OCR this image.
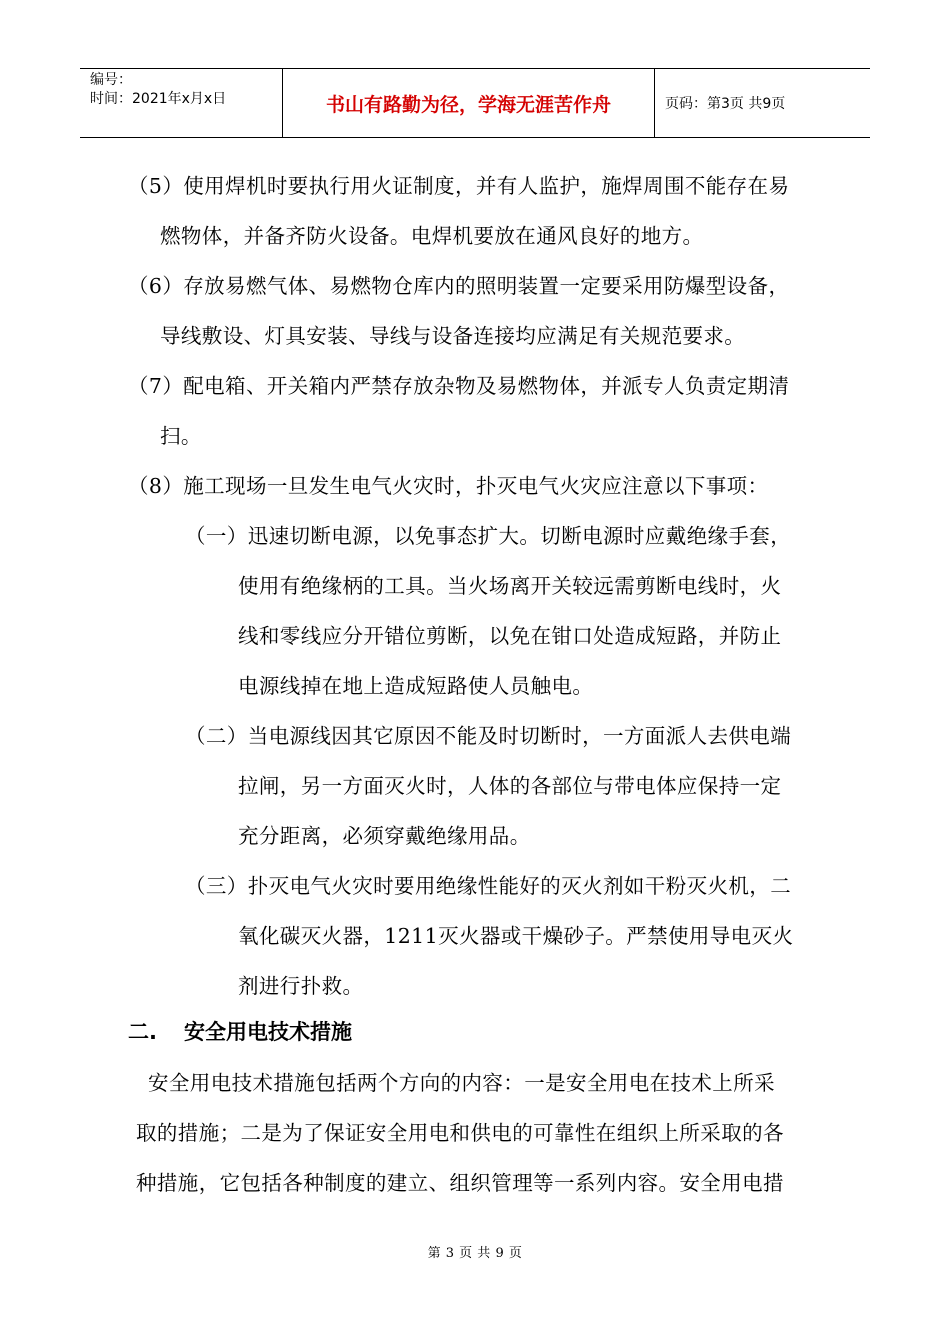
编号：
时间：2021年x月x日	书山有路勤为径，学海无涯苦作舟	页码：第3页 共9页
（5）使用焊机时要执行用火证制度，并有人监护，施焊周围不能存在易
燃物体，并备齐防火设备。电焊机要放在通风良好的地方。
（6）存放易燃气体、易燃物仓库内的照明装置一定要采用防爆型设备，
导线敷设、灯具安装、导线与设备连接均应满足有关规范要求。
（7）配电箱、开关箱内严禁存放杂物及易燃物体，并派专人负责定期清
扫。
（8）施工现场一旦发生电气火灾时，扑灭电气火灾应注意以下事项：
（一）迅速切断电源，以免事态扩大。切断电源时应戴绝缘手套，
使用有绝缘柄的工具。当火场离开关较远需剪断电线时，火
线和零线应分开错位剪断，以免在钳口处造成短路，并防止
电源线掉在地上造成短路使人员触电。
（二）当电源线因其它原因不能及时切断时，一方面派人去供电端
拉闸，另一方面灭火时，人体的各部位与带电体应保持一定
充分距离，必须穿戴绝缘用品。
（三）扑灭电气火灾时要用绝缘性能好的灭火剂如干粉灭火机，二
氧化碳灭火器，1211灭火器或干燥砂子。严禁使用导电灭火
剂进行扑救。
二. 安全用电技术措施
安全用电技术措施包括两个方向的内容：一是安全用电在技术上所采
取的措施；二是为了保证安全用电和供电的可靠性在组织上所采取的各
种措施，它包括各种制度的建立、组织管理等一系列内容。安全用电措
第 3 页 共 9 页
